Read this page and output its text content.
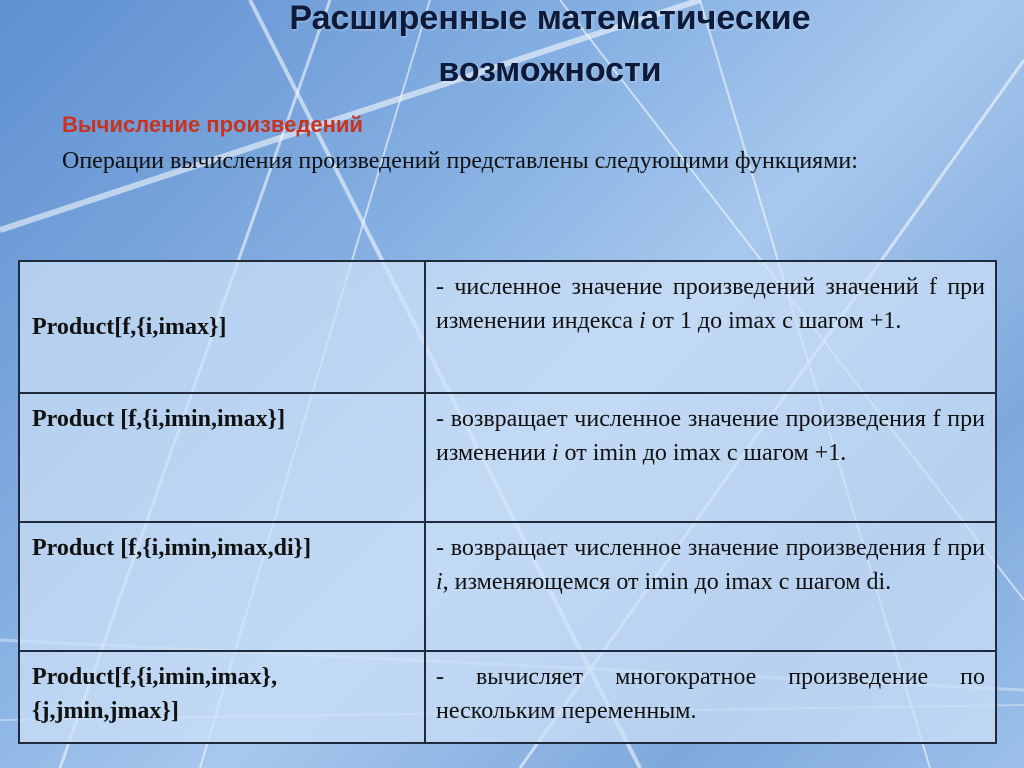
Расширенные математические
возможности
Вычисление произведений
Операции вычисления произведений представлены следующими функциями:
Product[f,{i,imax}]	- численное значение произведений значений f при изменении индекса i от 1 до imax с шагом +1.
Product [f,{i,imin,imax}]	- возвращает численное значение произведения f при изменении i от imin до imax с шагом +1.
Product [f,{i,imin,imax,di}]	- возвращает численное значение произведения f при i, изменяющемся от imin до imax с шагом di.
Product[f,{i,imin,imax},{j,jmin,jmax}]	- вычисляет многократное произведение по нескольким переменным.
